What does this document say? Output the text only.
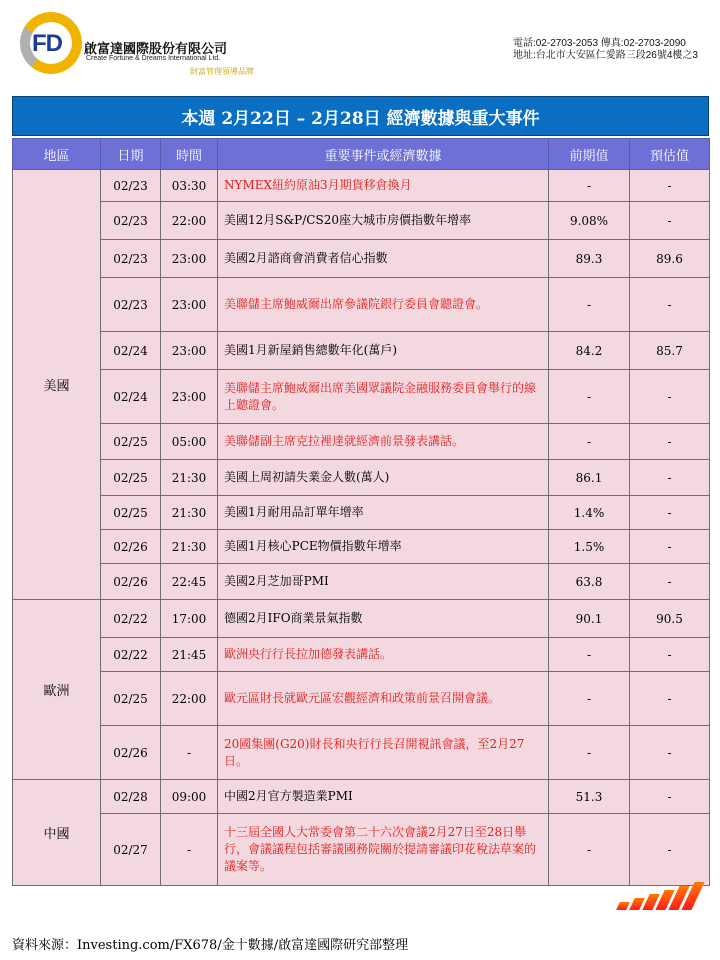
FD 啟富達國際股份有限公司
Create Fortune & Dreams International Ltd.
財富管理領導品牌
電話:02-2703-2053 傳真:02-2703-2090
地址:台北市大安區仁愛路三段26號4樓之3
本週 2月22日 – 2月28日 經濟數據與重大事件
地區	日期	時間	重要事件或經濟數據	前期值	預估值
美國	02/23	03:30	NYMEX紐約原油3月期貨移倉換月	-	-
	02/23	22:00	美國12月S&P/CS20座大城市房價指數年增率	9.08%	-
	02/23	23:00	美國2月諮商會消費者信心指數	89.3	89.6
	02/23	23:00	美聯儲主席鮑威爾出席參議院銀行委員會聽證會。	-	-
	02/24	23:00	美國1月新屋銷售總數年化(萬戶)	84.2	85.7
	02/24	23:00	美聯儲主席鮑威爾出席美國眾議院金融服務委員會舉行的線上聽證會。	-	-
	02/25	05:00	美聯儲副主席克拉裡達就經濟前景發表講話。	-	-
	02/25	21:30	美國上周初請失業金人數(萬人)	86.1	-
	02/25	21:30	美國1月耐用品訂單年增率	1.4%	-
	02/26	21:30	美國1月核心PCE物價指數年增率	1.5%	-
	02/26	22:45	美國2月芝加哥PMI	63.8	-
歐洲	02/22	17:00	德國2月IFO商業景氣指數	90.1	90.5
	02/22	21:45	歐洲央行行長拉加德發表講話。	-	-
	02/25	22:00	歐元區財長就歐元區宏觀經濟和政策前景召開會議。	-	-
	02/26	-	20國集團(G20)財長和央行行長召開視訊會議，至2月27日。	-	-
中國	02/28	09:00	中國2月官方製造業PMI	51.3	-
	02/27	-	十三屆全國人大常委會第二十六次會議2月27日至28日舉行，會議議程包括審議國務院關於提請審議印花稅法草案的議案等。	-	-
資料來源：Investing.com/FX678/金十數據/啟富達國際研究部整理
